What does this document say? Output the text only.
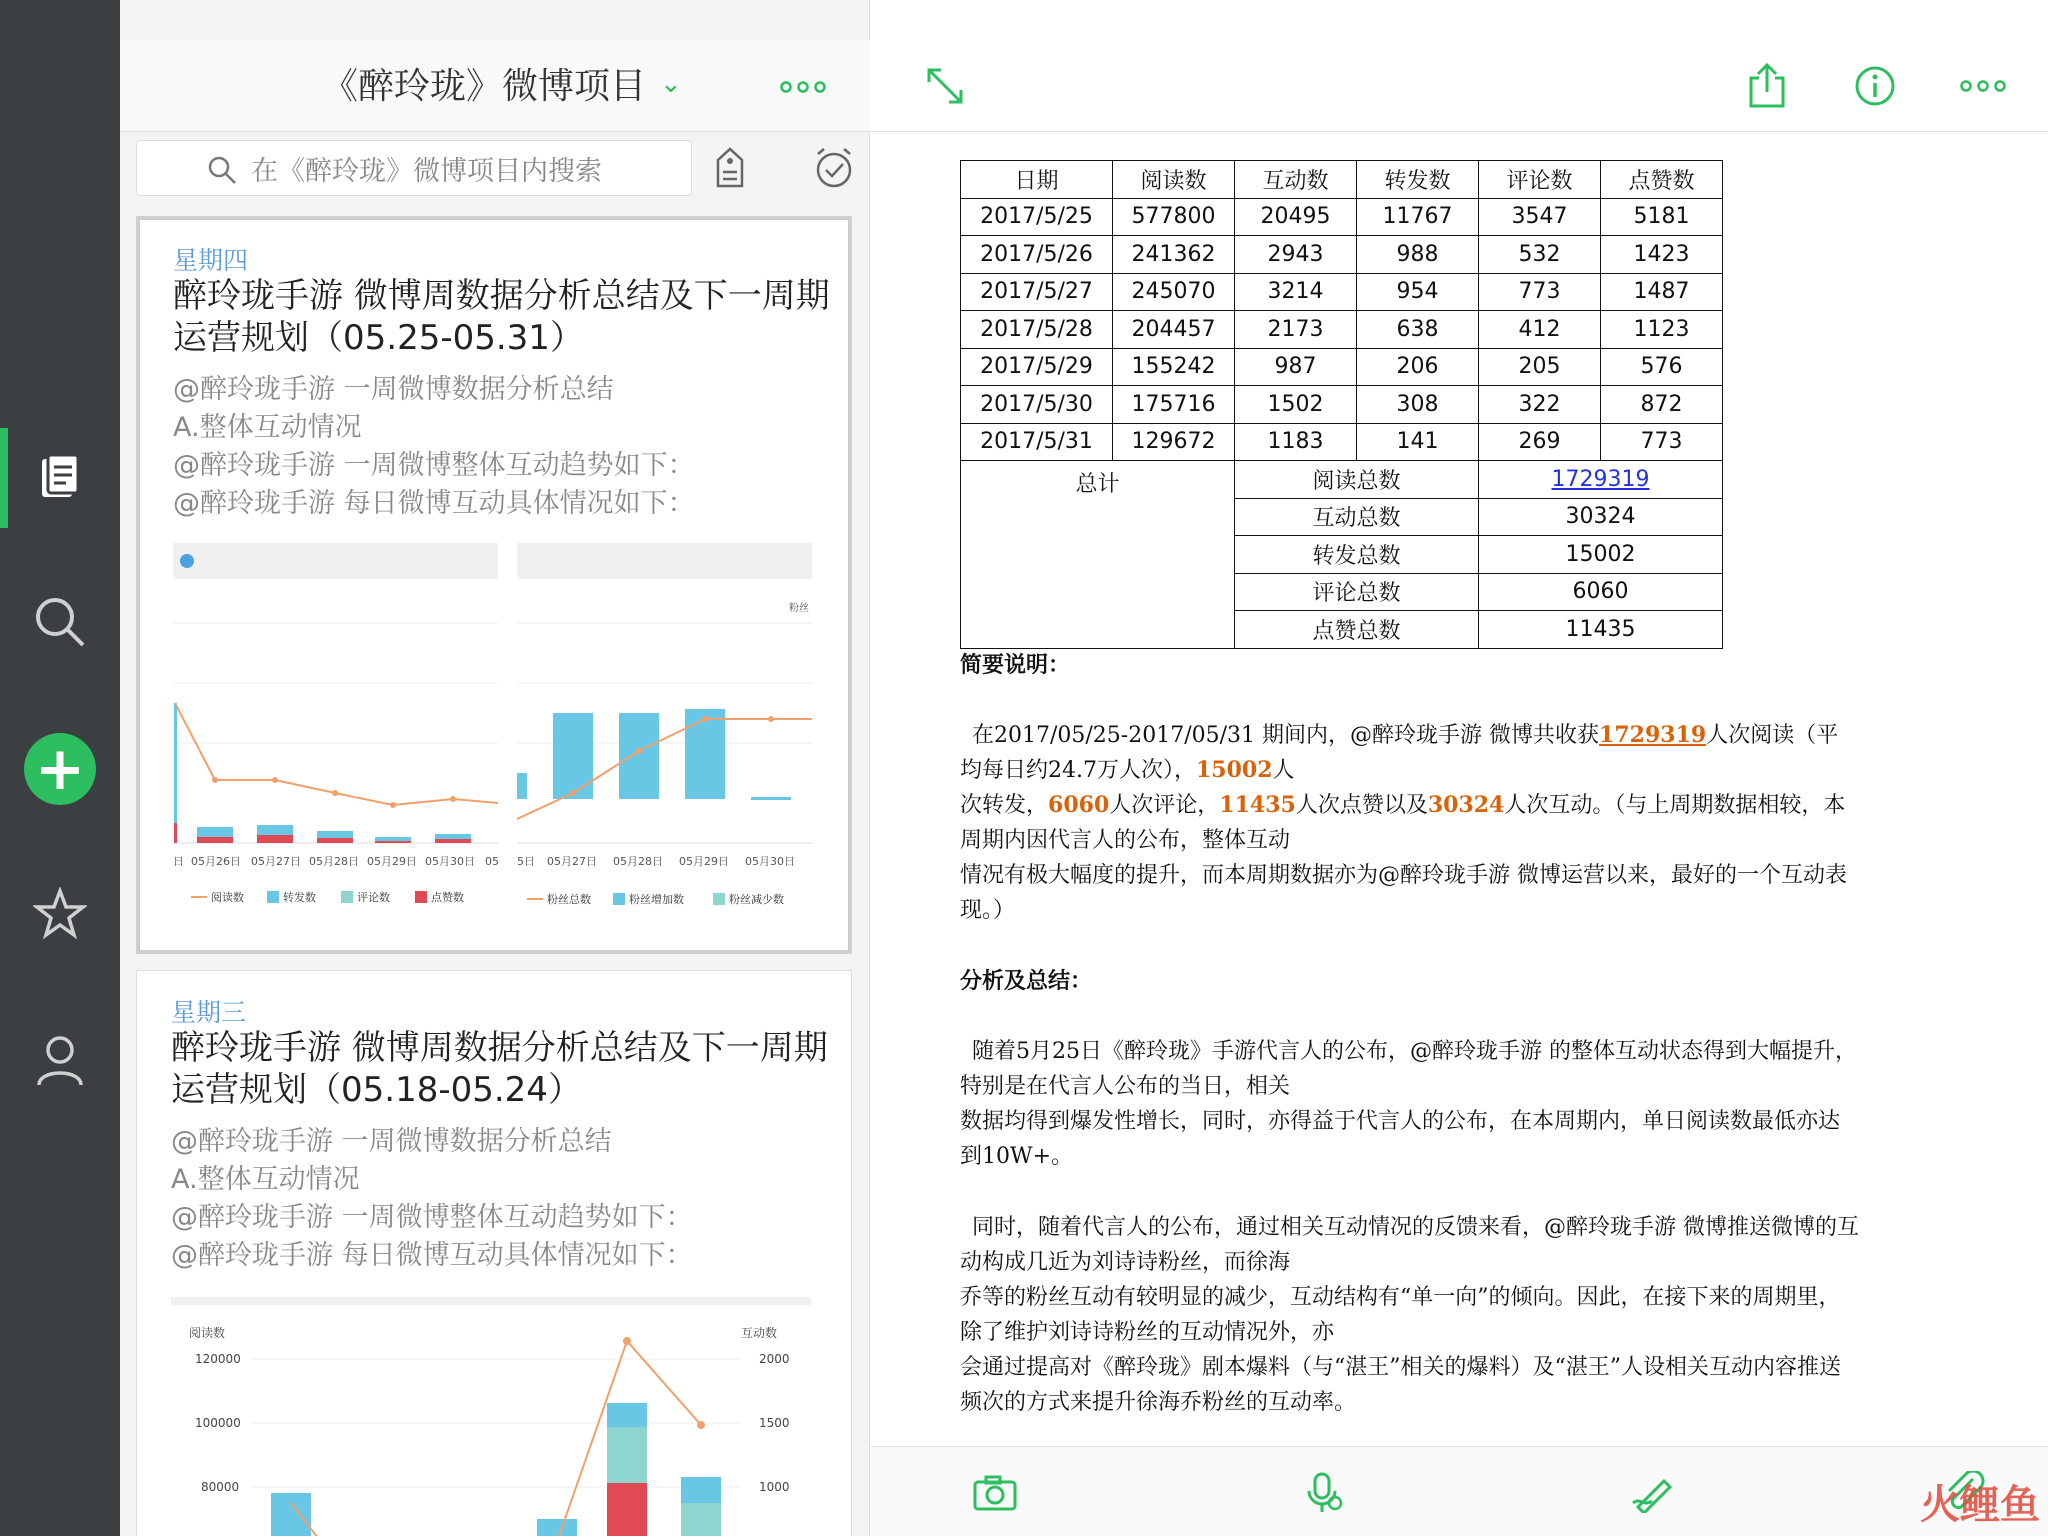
+
《醉玲珑》微博项目 ⌄
在《醉玲珑》微博项目内搜索
星期四
醉玲珑手游 微博周数据分析总结及下一周期运营规划（05.25-05.31）
@醉玲珑手游 一周微博数据分析总结
A.整体互动情况
@醉玲珑手游 一周微博整体互动趋势如下：
@醉玲珑手游 每日微博互动具体情况如下：
日 05月26日 05月27日 05月28日 05月29日 05月30日 05
阅读数	转发数	评论数	点赞数
粉丝
5日 05月27日 05月28日 05月29日 05月30日
粉丝总数	粉丝增加数	粉丝减少数
星期三
醉玲珑手游 微博周数据分析总结及下一周期运营规划（05.18-05.24）
@醉玲珑手游 一周微博数据分析总结
A.整体互动情况
@醉玲珑手游 一周微博整体互动趋势如下：
@醉玲珑手游 每日微博互动具体情况如下：
阅读数	互动数
120000
100000
80000
2000
1500
1000
日期	阅读数	互动数	转发数	评论数	点赞数
2017/5/25	577800	20495	11767	3547	5181
2017/5/26	241362	2943	988	532	1423
2017/5/27	245070	3214	954	773	1487
2017/5/28	204457	2173	638	412	1123
2017/5/29	155242	987	206	205	576
2017/5/30	175716	1502	308	322	872
2017/5/31	129672	1183	141	269	773
总计		阅读总数		1729319	
		互动总数		30324	
		转发总数		15002	
		评论总数		6060	
		点赞总数		11435	
简要说明：
在2017/05/25-2017/05/31 期间内，@醉玲珑手游 微博共收获1729319人次阅读（平均每日约24.7万人次），15002人
次转发，6060人次评论，11435人次点赞以及30324人次互动。（与上周期数据相较，本周期内因代言人的公布，整体互动
情况有极大幅度的提升，而本周期数据亦为@醉玲珑手游 微博运营以来，最好的一个互动表现。）
分析及总结：
随着5月25日《醉玲珑》手游代言人的公布，@醉玲珑手游 的整体互动状态得到大幅提升，特别是在代言人公布的当日，相关
数据均得到爆发性增长，同时，亦得益于代言人的公布，在本周期内，单日阅读数最低亦达到10W+。
同时，随着代言人的公布，通过相关互动情况的反馈来看，@醉玲珑手游 微博推送微博的互动构成几近为刘诗诗粉丝，而徐海
乔等的粉丝互动有较明显的减少，互动结构有“单一向”的倾向。因此，在接下来的周期里，除了维护刘诗诗粉丝的互动情况外，亦
会通过提高对《醉玲珑》剧本爆料（与“湛王”相关的爆料）及“湛王”人设相关互动内容推送频次的方式来提升徐海乔粉丝的互动率。
火鲤鱼
